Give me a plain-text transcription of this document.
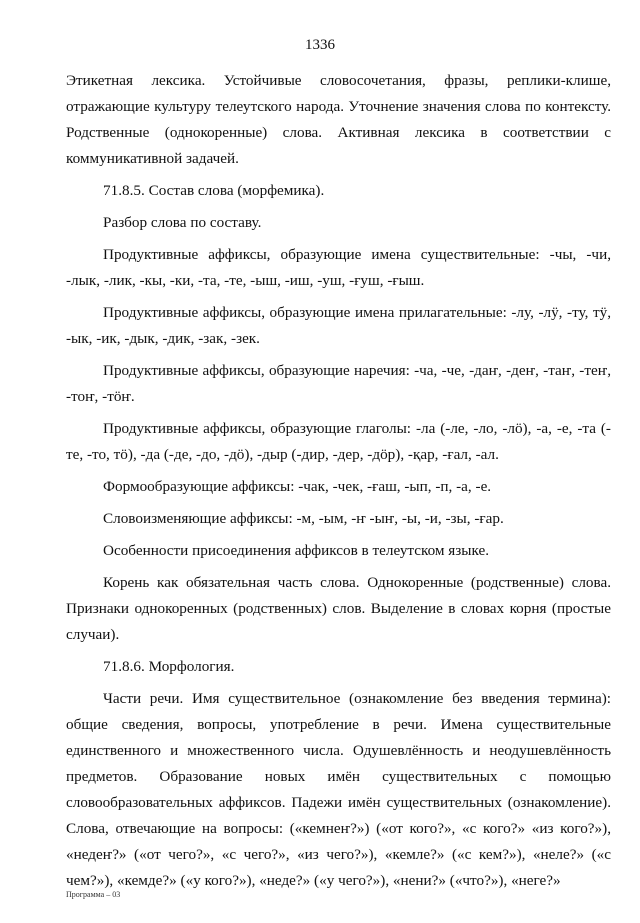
1336

Этикетная лексика. Устойчивые словосочетания, фразы, реплики-клише, отражающие культуру телеутского народа. Уточнение значения слова по контексту. Родственные (однокоренные) слова. Активная лексика в соответствии с коммуникативной задачей.

71.8.5. Состав слова (морфемика).

Разбор слова по составу.

Продуктивные аффиксы, образующие имена существительные: -чы, -чи, -лык, -лик, -кы, -ки, -та, -те, -ыш, -иш, -уш, -ғуш, -ғыш.

Продуктивные аффиксы, образующие имена прилагательные: -лу, -лӱ, -ту, тӱ, -ык, -ик, -дык, -дик, -зак, -зек.

Продуктивные аффиксы, образующие наречия: -ча, -че, -даҥ, -деҥ, -таҥ, -теҥ, -тоҥ, -тӧҥ.

Продуктивные аффиксы, образующие глаголы: -ла (-ле, -ло, -лӧ), -а, -е, -та (-те, -то, тӧ), -да (-де, -до, -дӧ), -дыр (-дир, -дер, -дӧр), -қар, -ғал, -ал.

Формообразующие аффиксы: -чак, -чек, -ғаш, -ып, -п, -а, -е.

Словоизменяющие аффиксы: -м, -ым, -ҥ -ыҥ, -ы, -и, -зы, -ғар.

Особенности присоединения аффиксов в телеутском языке.

Корень как обязательная часть слова. Однокоренные (родственные) слова. Признаки однокоренных (родственных) слов. Выделение в словах корня (простые случаи).

71.8.6. Морфология.

Части речи. Имя существительное (ознакомление без введения термина): общие сведения, вопросы, употребление в речи. Имена существительные единственного и множественного числа. Одушевлённость и неодушевлённость предметов. Образование новых имён существительных с помощью словообразовательных аффиксов. Падежи имён существительных (ознакомление). Слова, отвечающие на вопросы: («кемнеҥ?») («от кого?», «с кого?» «из кого?»), «недеҥ?» («от чего?», «с чего?», «из чего?»), «кемле?» («с кем?»), «нелe?» («с чем?»), «кемде?» («у кого?»), «неде?» («у чего?»), «нени?» («что?»), «неге?»

Программа – 03
